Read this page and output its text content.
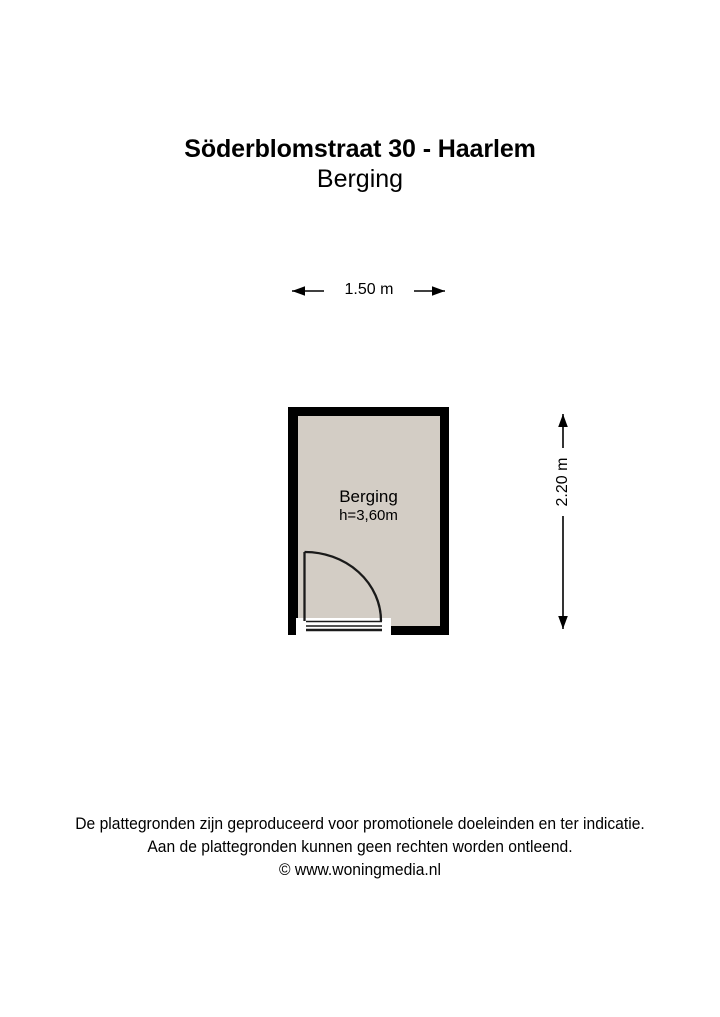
Söderblomstraat 30 - Haarlem
Berging
1.50 m
2.20 m
Berging
h=3,60m
De plattegronden zijn geproduceerd voor promotionele doeleinden en ter indicatie.
Aan de plattegronden kunnen geen rechten worden ontleend.
© www.woningmedia.nl
